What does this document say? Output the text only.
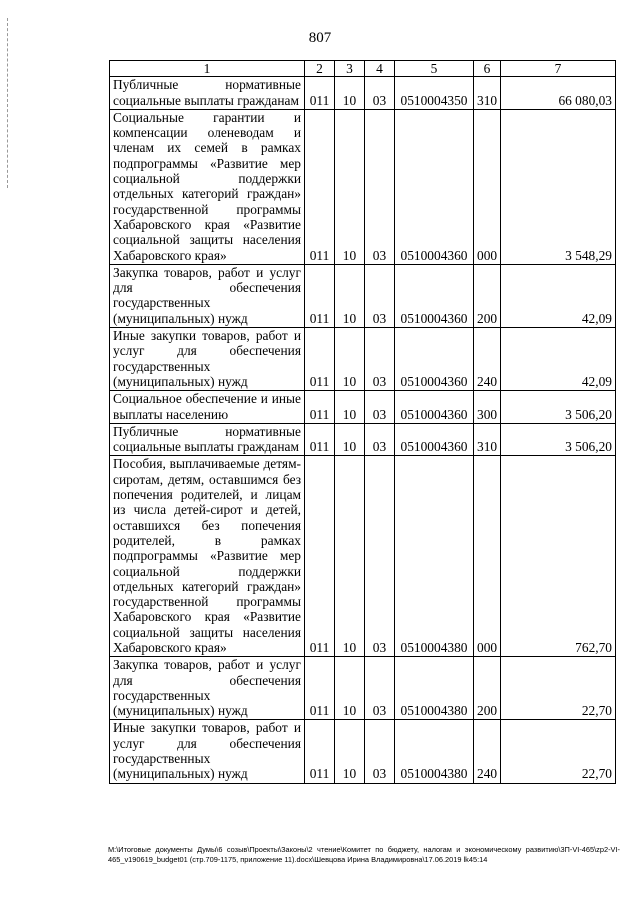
807
1	2	3	4	5	6	7
Публичные нормативные социальные выплаты гражданам	011	10	03	0510004350	310	66 080,03
Социальные гарантии и компенсации оленеводам и членам их семей в рамках подпрограммы «Развитие мер социальной поддержки отдельных категорий граждан» государственной программы Хабаровского края «Развитие социальной защиты населения Хабаровского края»	011	10	03	0510004360	000	3 548,29
Закупка товаров, работ и услуг для обеспечения государственных (муниципальных) нужд	011	10	03	0510004360	200	42,09
Иные закупки товаров, работ и услуг для обеспечения государственных (муниципальных) нужд	011	10	03	0510004360	240	42,09
Социальное обеспечение и иные выплаты населению	011	10	03	0510004360	300	3 506,20
Публичные нормативные социальные выплаты гражданам	011	10	03	0510004360	310	3 506,20
Пособия, выплачиваемые детям-сиротам, детям, оставшимся без попечения родителей, и лицам из числа детей-сирот и детей, оставшихся без попечения родителей, в рамках подпрограммы «Развитие мер социальной поддержки отдельных категорий граждан» государственной программы Хабаровского края «Развитие социальной защиты населения Хабаровского края»	011	10	03	0510004380	000	762,70
Закупка товаров, работ и услуг для обеспечения государственных (муниципальных) нужд	011	10	03	0510004380	200	22,70
Иные закупки товаров, работ и услуг для обеспечения государственных (муниципальных) нужд	011	10	03	0510004380	240	22,70
М:\Итоговые документы Думы\6 созыв\Проекты\Законы\2 чтение\Комитет по бюджету, налогам и экономическому развитию\3П-VI-465\zp2-VI-465_v190619_budget01 (стр.709-1175, приложение 11).docx\Шевцова Ирина Владимировна\17.06.2019 lk45:14
